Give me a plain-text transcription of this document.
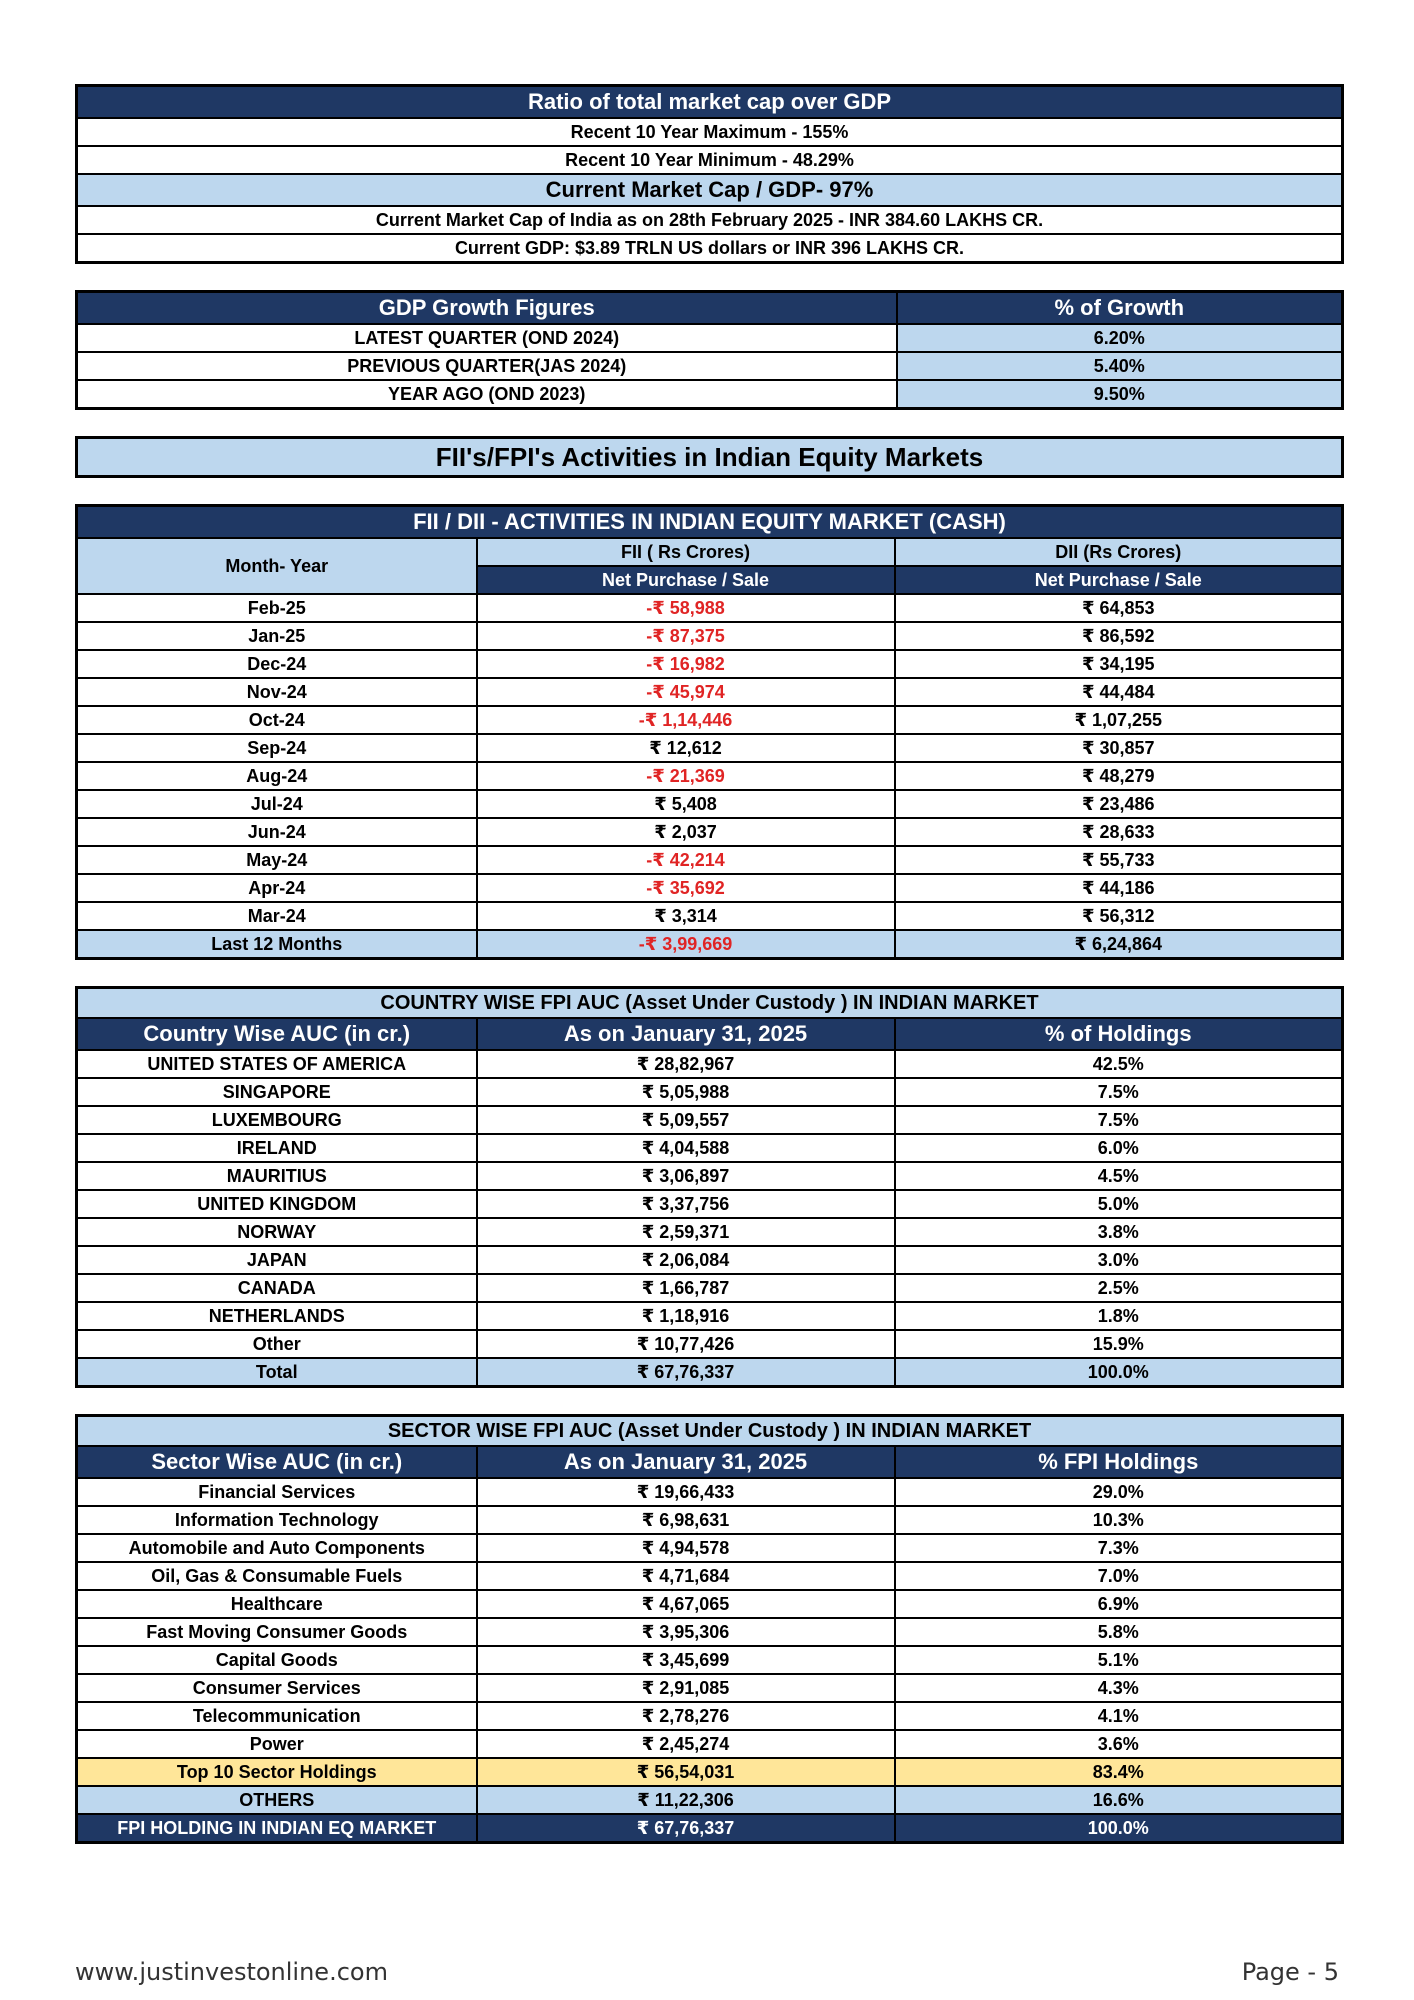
Ratio of total market cap over GDP
Recent 10 Year Maximum - 155%
Recent 10 Year Minimum - 48.29%
Current Market Cap / GDP- 97%
Current Market Cap of India as on 28th February 2025 - INR 384.60 LAKHS CR.
Current GDP: $3.89 TRLN US dollars or INR 396 LAKHS CR.
GDP Growth Figures	% of Growth
LATEST QUARTER (OND 2024)	6.20%
PREVIOUS QUARTER(JAS 2024)	5.40%
YEAR AGO (OND 2023)	9.50%
FII's/FPI's Activities in Indian Equity Markets
FII / DII - ACTIVITIES IN INDIAN EQUITY MARKET (CASH)		
Month- Year	FII ( Rs Crores)	DII (Rs Crores)
	Net Purchase / Sale	Net Purchase / Sale
Feb-25	-₹ 58,988	₹ 64,853
Jan-25	-₹ 87,375	₹ 86,592
Dec-24	-₹ 16,982	₹ 34,195
Nov-24	-₹ 45,974	₹ 44,484
Oct-24	-₹ 1,14,446	₹ 1,07,255
Sep-24	₹ 12,612	₹ 30,857
Aug-24	-₹ 21,369	₹ 48,279
Jul-24	₹ 5,408	₹ 23,486
Jun-24	₹ 2,037	₹ 28,633
May-24	-₹ 42,214	₹ 55,733
Apr-24	-₹ 35,692	₹ 44,186
Mar-24	₹ 3,314	₹ 56,312
Last 12 Months	-₹ 3,99,669	₹ 6,24,864
COUNTRY WISE FPI AUC (Asset Under Custody ) IN INDIAN MARKET		
Country Wise AUC (in cr.)	As on January 31, 2025	% of Holdings
UNITED STATES OF AMERICA	₹ 28,82,967	42.5%
SINGAPORE	₹ 5,05,988	7.5%
LUXEMBOURG	₹ 5,09,557	7.5%
IRELAND	₹ 4,04,588	6.0%
MAURITIUS	₹ 3,06,897	4.5%
UNITED KINGDOM	₹ 3,37,756	5.0%
NORWAY	₹ 2,59,371	3.8%
JAPAN	₹ 2,06,084	3.0%
CANADA	₹ 1,66,787	2.5%
NETHERLANDS	₹ 1,18,916	1.8%
Other	₹ 10,77,426	15.9%
Total	₹ 67,76,337	100.0%
SECTOR WISE FPI AUC (Asset Under Custody ) IN INDIAN MARKET		
Sector Wise AUC (in cr.)	As on January 31, 2025	% FPI Holdings
Financial Services	₹ 19,66,433	29.0%
Information Technology	₹ 6,98,631	10.3%
Automobile and Auto Components	₹ 4,94,578	7.3%
Oil, Gas & Consumable Fuels	₹ 4,71,684	7.0%
Healthcare	₹ 4,67,065	6.9%
Fast Moving Consumer Goods	₹ 3,95,306	5.8%
Capital Goods	₹ 3,45,699	5.1%
Consumer Services	₹ 2,91,085	4.3%
Telecommunication	₹ 2,78,276	4.1%
Power	₹ 2,45,274	3.6%
Top 10 Sector Holdings	₹ 56,54,031	83.4%
OTHERS	₹ 11,22,306	16.6%
FPI HOLDING IN INDIAN EQ MARKET	₹ 67,76,337	100.0%
www.justinvestonline.com	Page - 5
